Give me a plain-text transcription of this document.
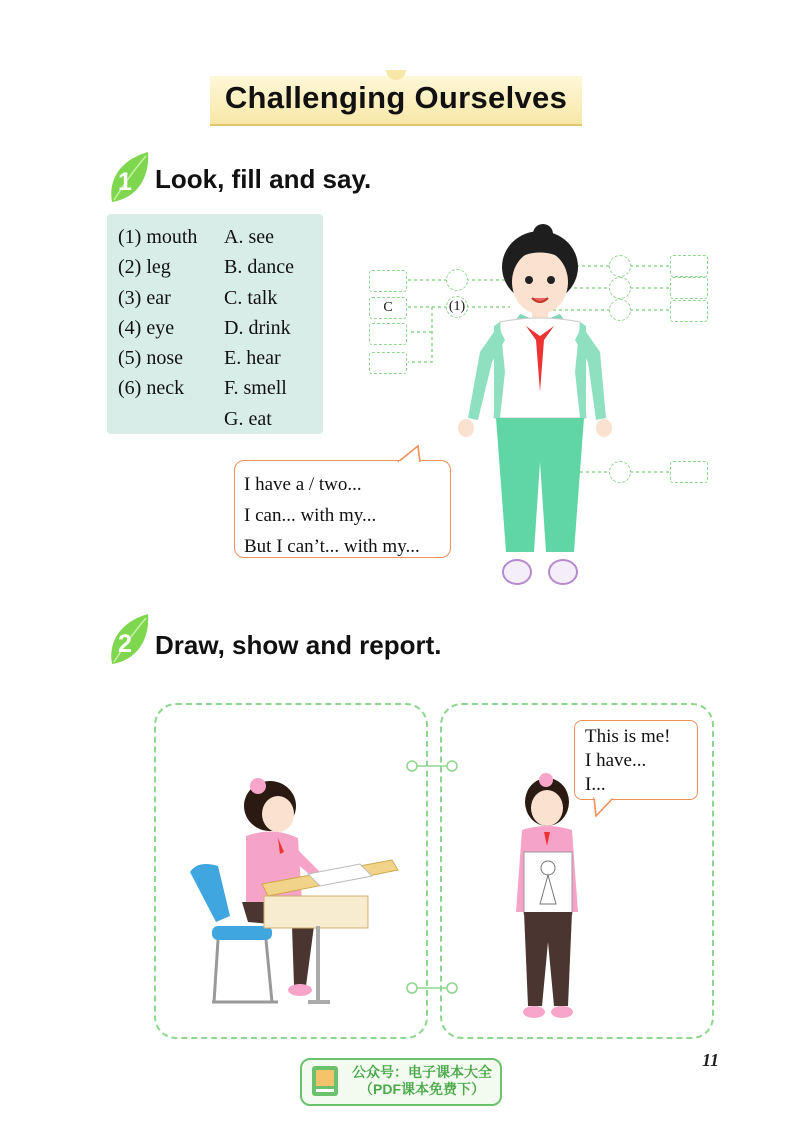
Challenging Ourselves
1 Look, fill and say.
(1) mouth
(2) leg
(3) ear
(4) eye
(5) nose
(6) neck
A. see
B. dance
C. talk
D. drink
E. hear
F. smell
G. eat
C	(1)
I have a / two...
I can... with my...
But I can’t... with my...
2 Draw, show and report.
This is me!
I have...
I...
公众号：电子课本大全
（PDF课本免费下）
11
